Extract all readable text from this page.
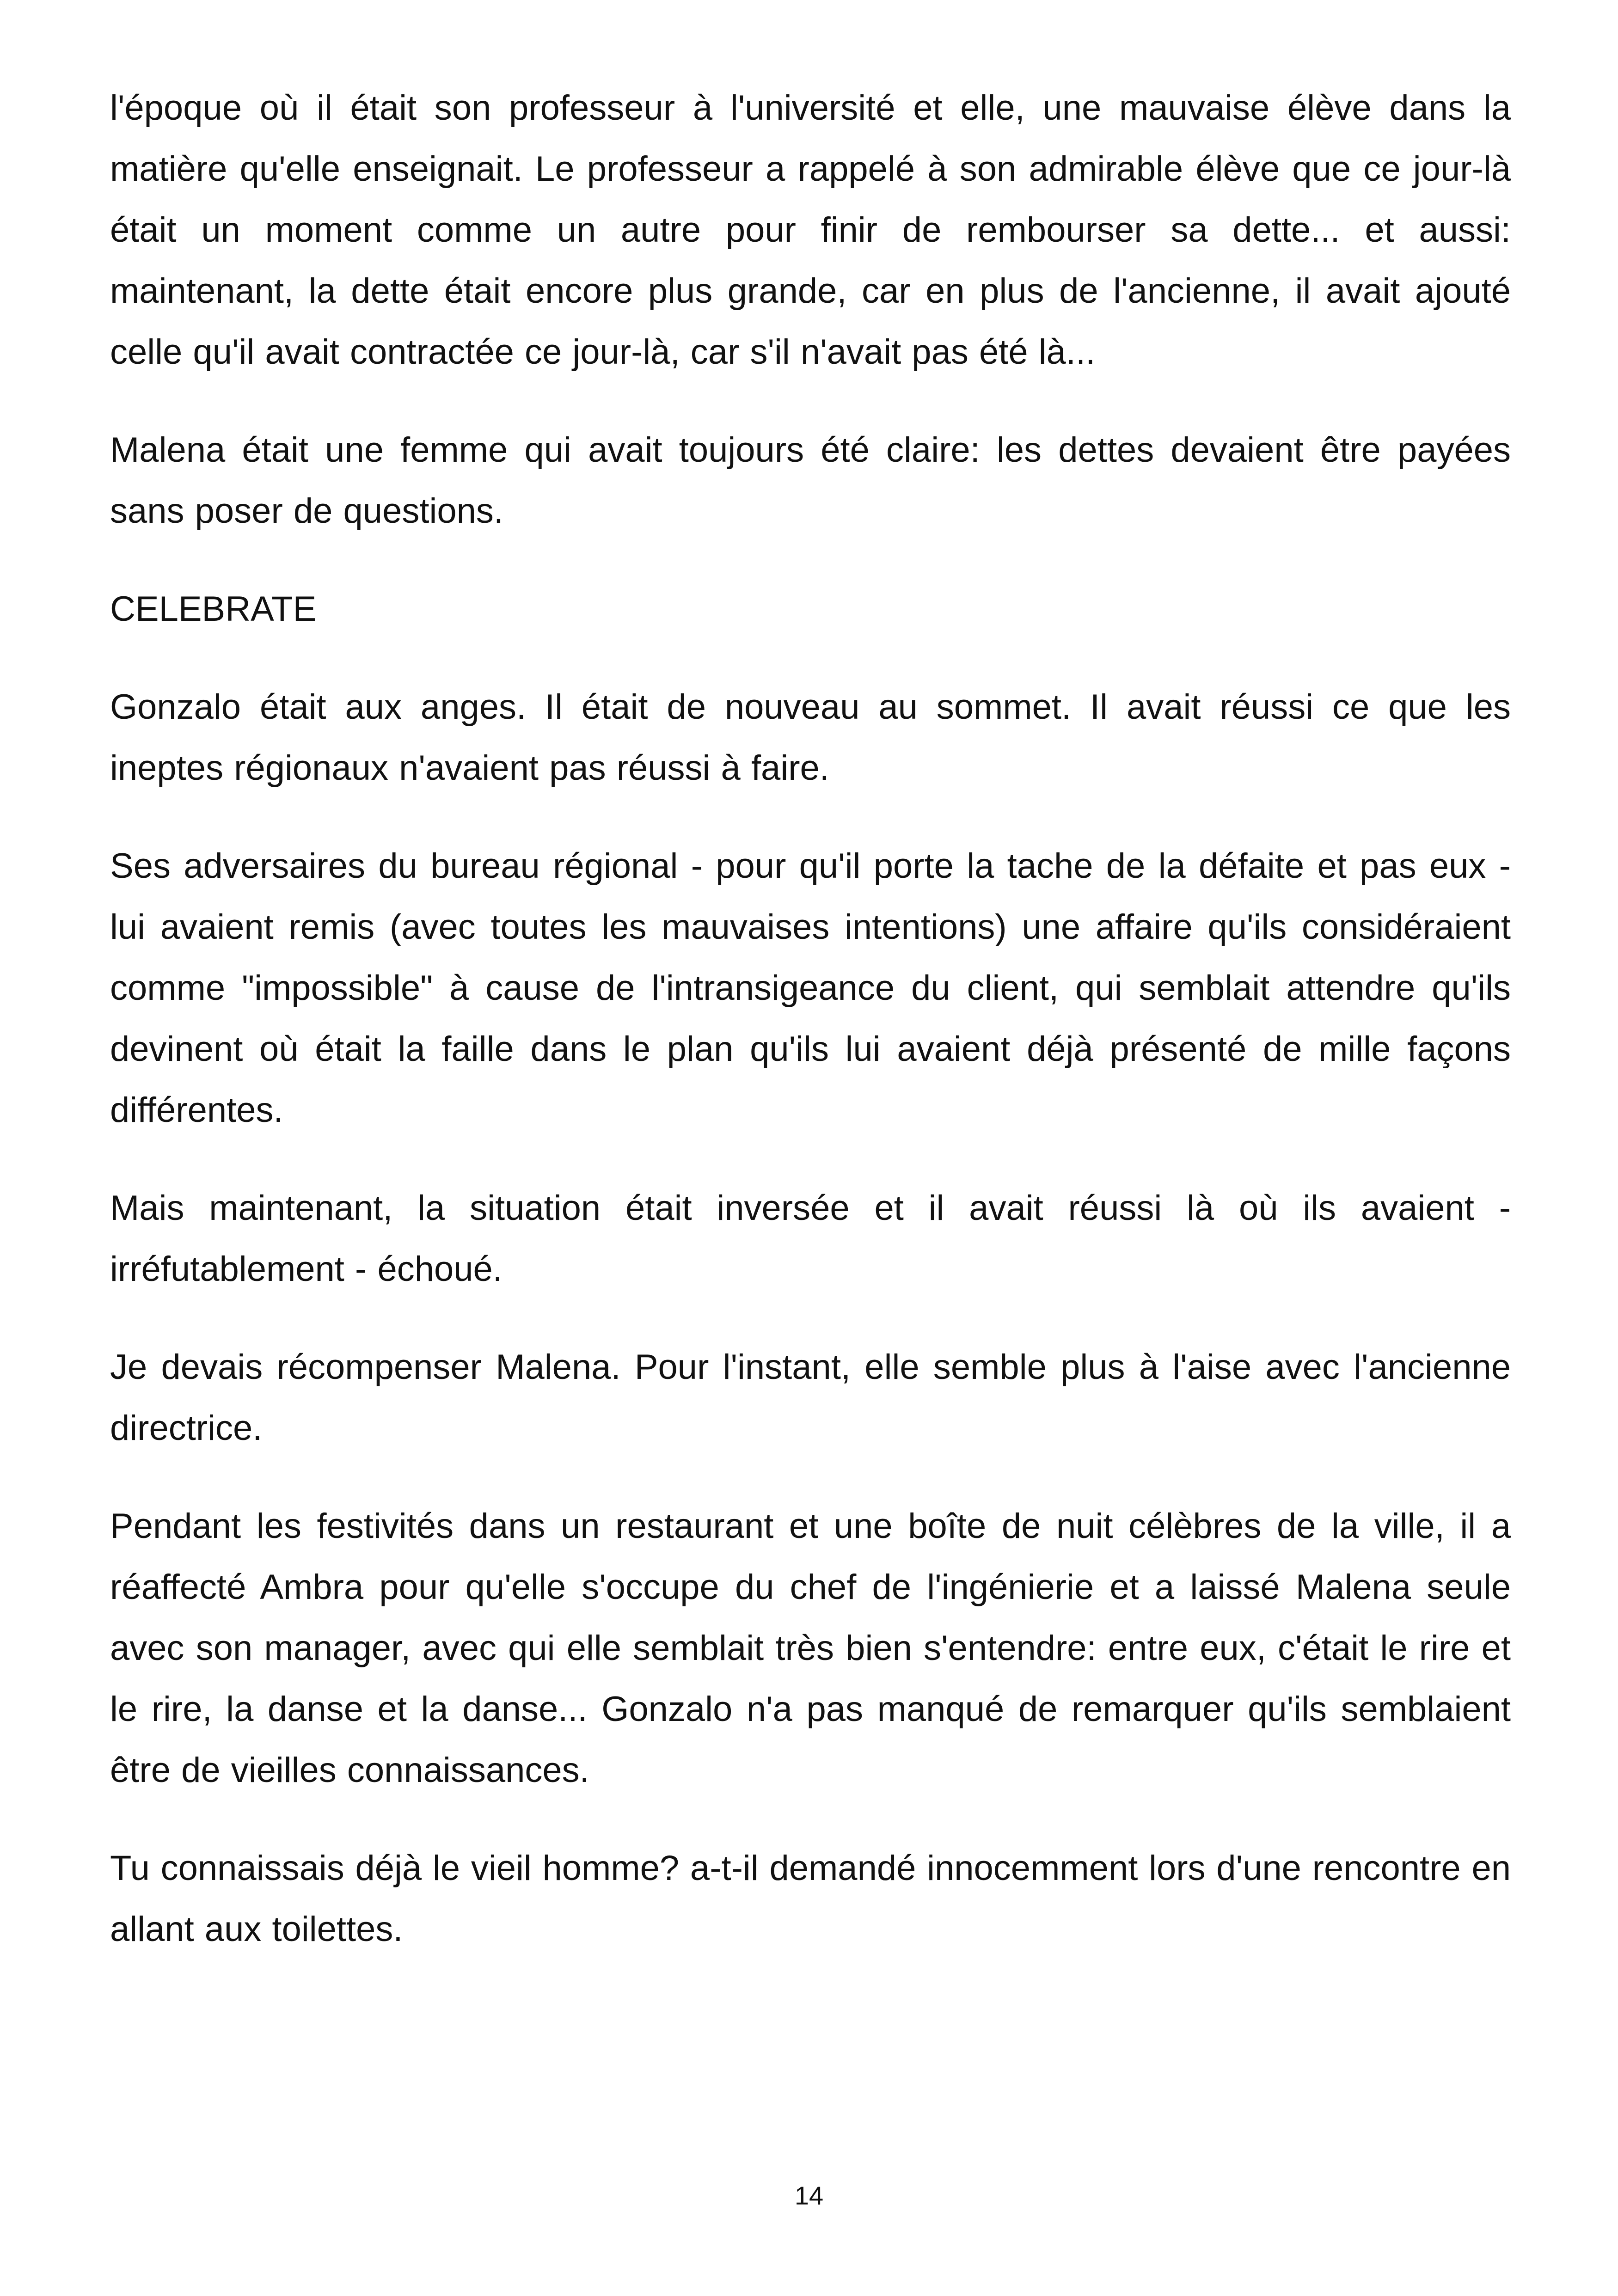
l'époque où il était son professeur à l'université et elle, une mauvaise élève dans la matière qu'elle enseignait. Le professeur a rappelé à son admirable élève que ce jour-là était un moment comme un autre pour finir de rembourser sa dette... et aussi: maintenant, la dette était encore plus grande, car en plus de l'ancienne, il avait ajouté celle qu'il avait contractée ce jour-là, car s'il n'avait pas été là...

Malena était une femme qui avait toujours été claire: les dettes devaient être payées sans poser de questions.

CELEBRATE

Gonzalo était aux anges. Il était de nouveau au sommet. Il avait réussi ce que les ineptes régionaux n'avaient pas réussi à faire.

Ses adversaires du bureau régional - pour qu'il porte la tache de la défaite et pas eux - lui avaient remis (avec toutes les mauvaises intentions) une affaire qu'ils considéraient comme "impossible" à cause de l'intransigeance du client, qui semblait attendre qu'ils devinent où était la faille dans le plan qu'ils lui avaient déjà présenté de mille façons différentes.

Mais maintenant, la situation était inversée et il avait réussi là où ils avaient - irréfutablement - échoué.

Je devais récompenser Malena. Pour l'instant, elle semble plus à l'aise avec l'ancienne directrice.

Pendant les festivités dans un restaurant et une boîte de nuit célèbres de la ville, il a réaffecté Ambra pour qu'elle s'occupe du chef de l'ingénierie et a laissé Malena seule avec son manager, avec qui elle semblait très bien s'entendre: entre eux, c'était le rire et le rire, la danse et la danse... Gonzalo n'a pas manqué de remarquer qu'ils semblaient être de vieilles connaissances.

Tu connaissais déjà le vieil homme? a-t-il demandé innocemment lors d'une rencontre en allant aux toilettes.

14
